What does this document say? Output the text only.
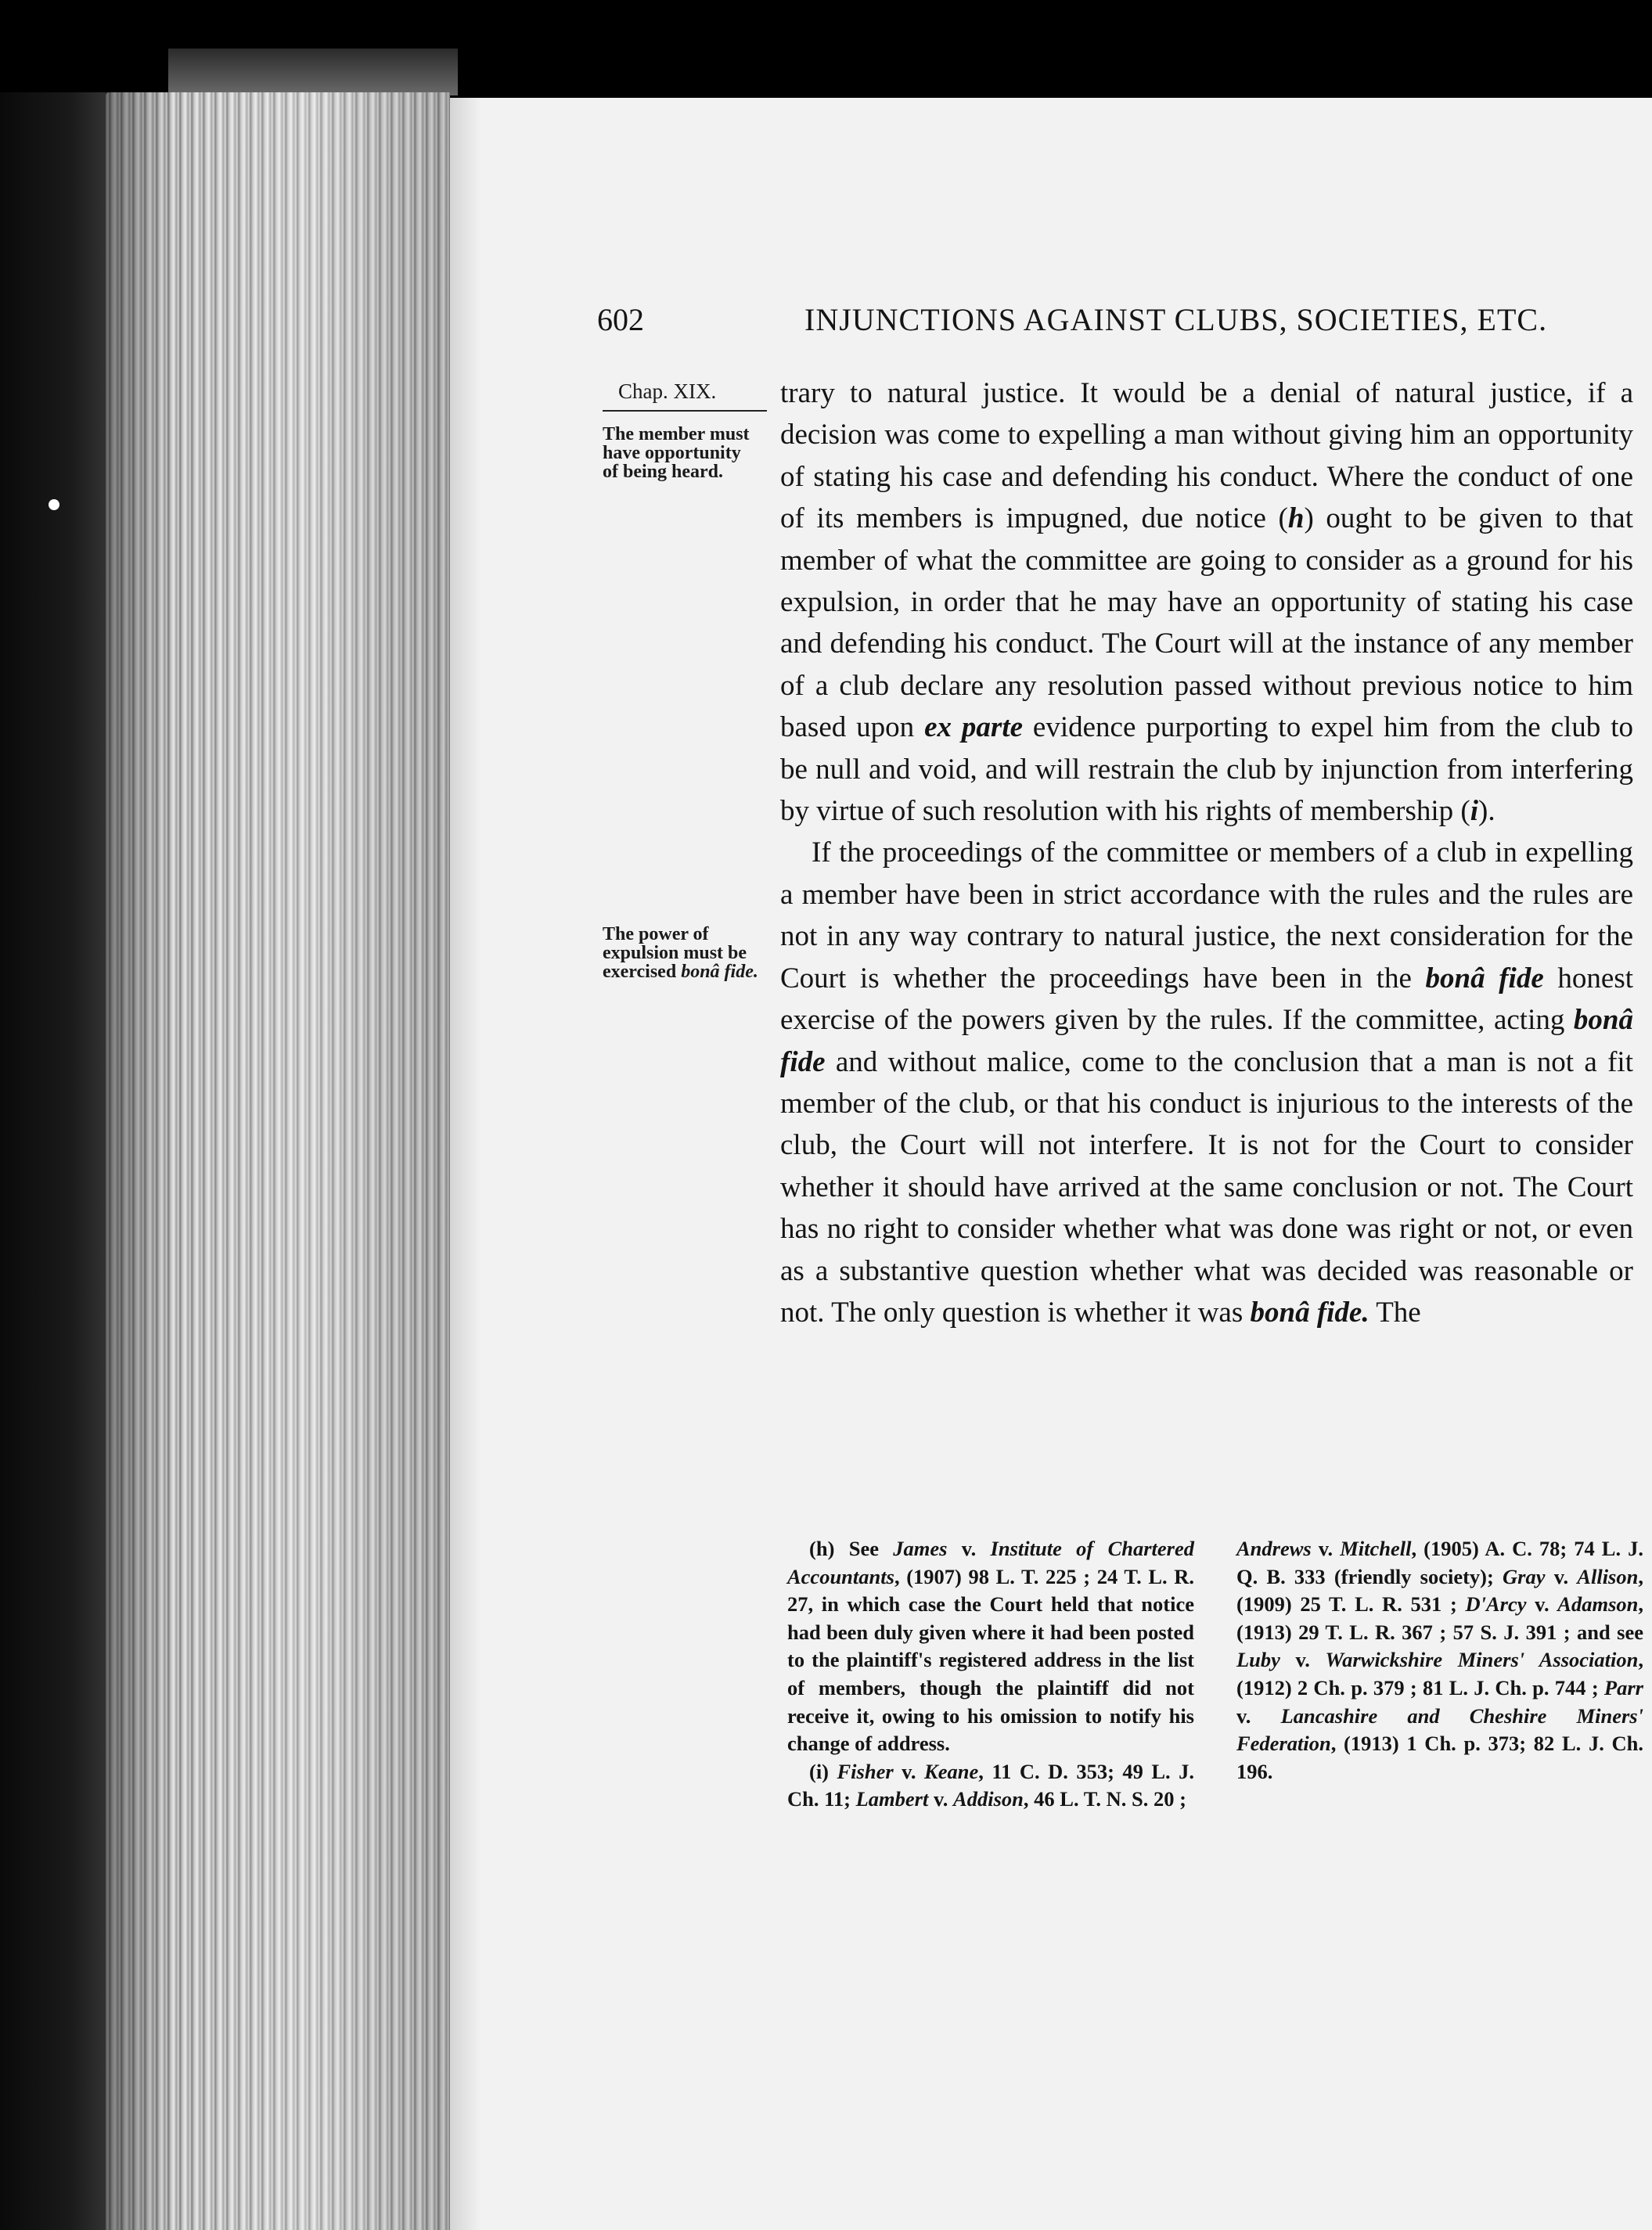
602	INJUNCTIONS AGAINST CLUBS, SOCIETIES, ETC.
Chap. XIX.
The member must have opportunity of being heard.
The power of expulsion must be exercised bonâ fide.

trary to natural justice. It would be a denial of natural justice, if a decision was come to expelling a man without giving him an opportunity of stating his case and defending his conduct. Where the conduct of one of its members is impugned, due notice (h) ought to be given to that member of what the committee are going to consider as a ground for his expulsion, in order that he may have an opportunity of stating his case and defending his conduct. The Court will at the instance of any member of a club declare any resolution passed without previous notice to him based upon ex parte evidence purporting to expel him from the club to be null and void, and will restrain the club by injunction from interfering by virtue of such resolution with his rights of membership (i).

If the proceedings of the committee or members of a club in expelling a member have been in strict accordance with the rules and the rules are not in any way contrary to natural justice, the next consideration for the Court is whether the proceedings have been in the bonâ fide honest exercise of the powers given by the rules. If the committee, acting bonâ fide and without malice, come to the conclusion that a man is not a fit member of the club, or that his conduct is injurious to the interests of the club, the Court will not interfere. It is not for the Court to consider whether it should have arrived at the same conclusion or not. The Court has no right to consider whether what was done was right or not, or even as a substantive question whether what was decided was reasonable or not. The only question is whether it was bonâ fide. The

(h) See James v. Institute of Chartered Accountants, (1907) 98 L. T. 225 ; 24 T. L. R. 27, in which case the Court held that notice had been duly given where it had been posted to the plaintiff's registered address in the list of members, though the plaintiff did not receive it, owing to his omission to notify his change of address.

(i) Fisher v. Keane, 11 C. D. 353; 49 L. J. Ch. 11; Lambert v. Addison, 46 L. T. N. S. 20 ;

Andrews v. Mitchell, (1905) A. C. 78; 74 L. J. Q. B. 333 (friendly society); Gray v. Allison, (1909) 25 T. L. R. 531 ; D'Arcy v. Adamson, (1913) 29 T. L. R. 367 ; 57 S. J. 391 ; and see Luby v. Warwickshire Miners' Association, (1912) 2 Ch. p. 379 ; 81 L. J. Ch. p. 744 ; Parr v. Lancashire and Cheshire Miners' Federation, (1913) 1 Ch. p. 373; 82 L. J. Ch. 196.
